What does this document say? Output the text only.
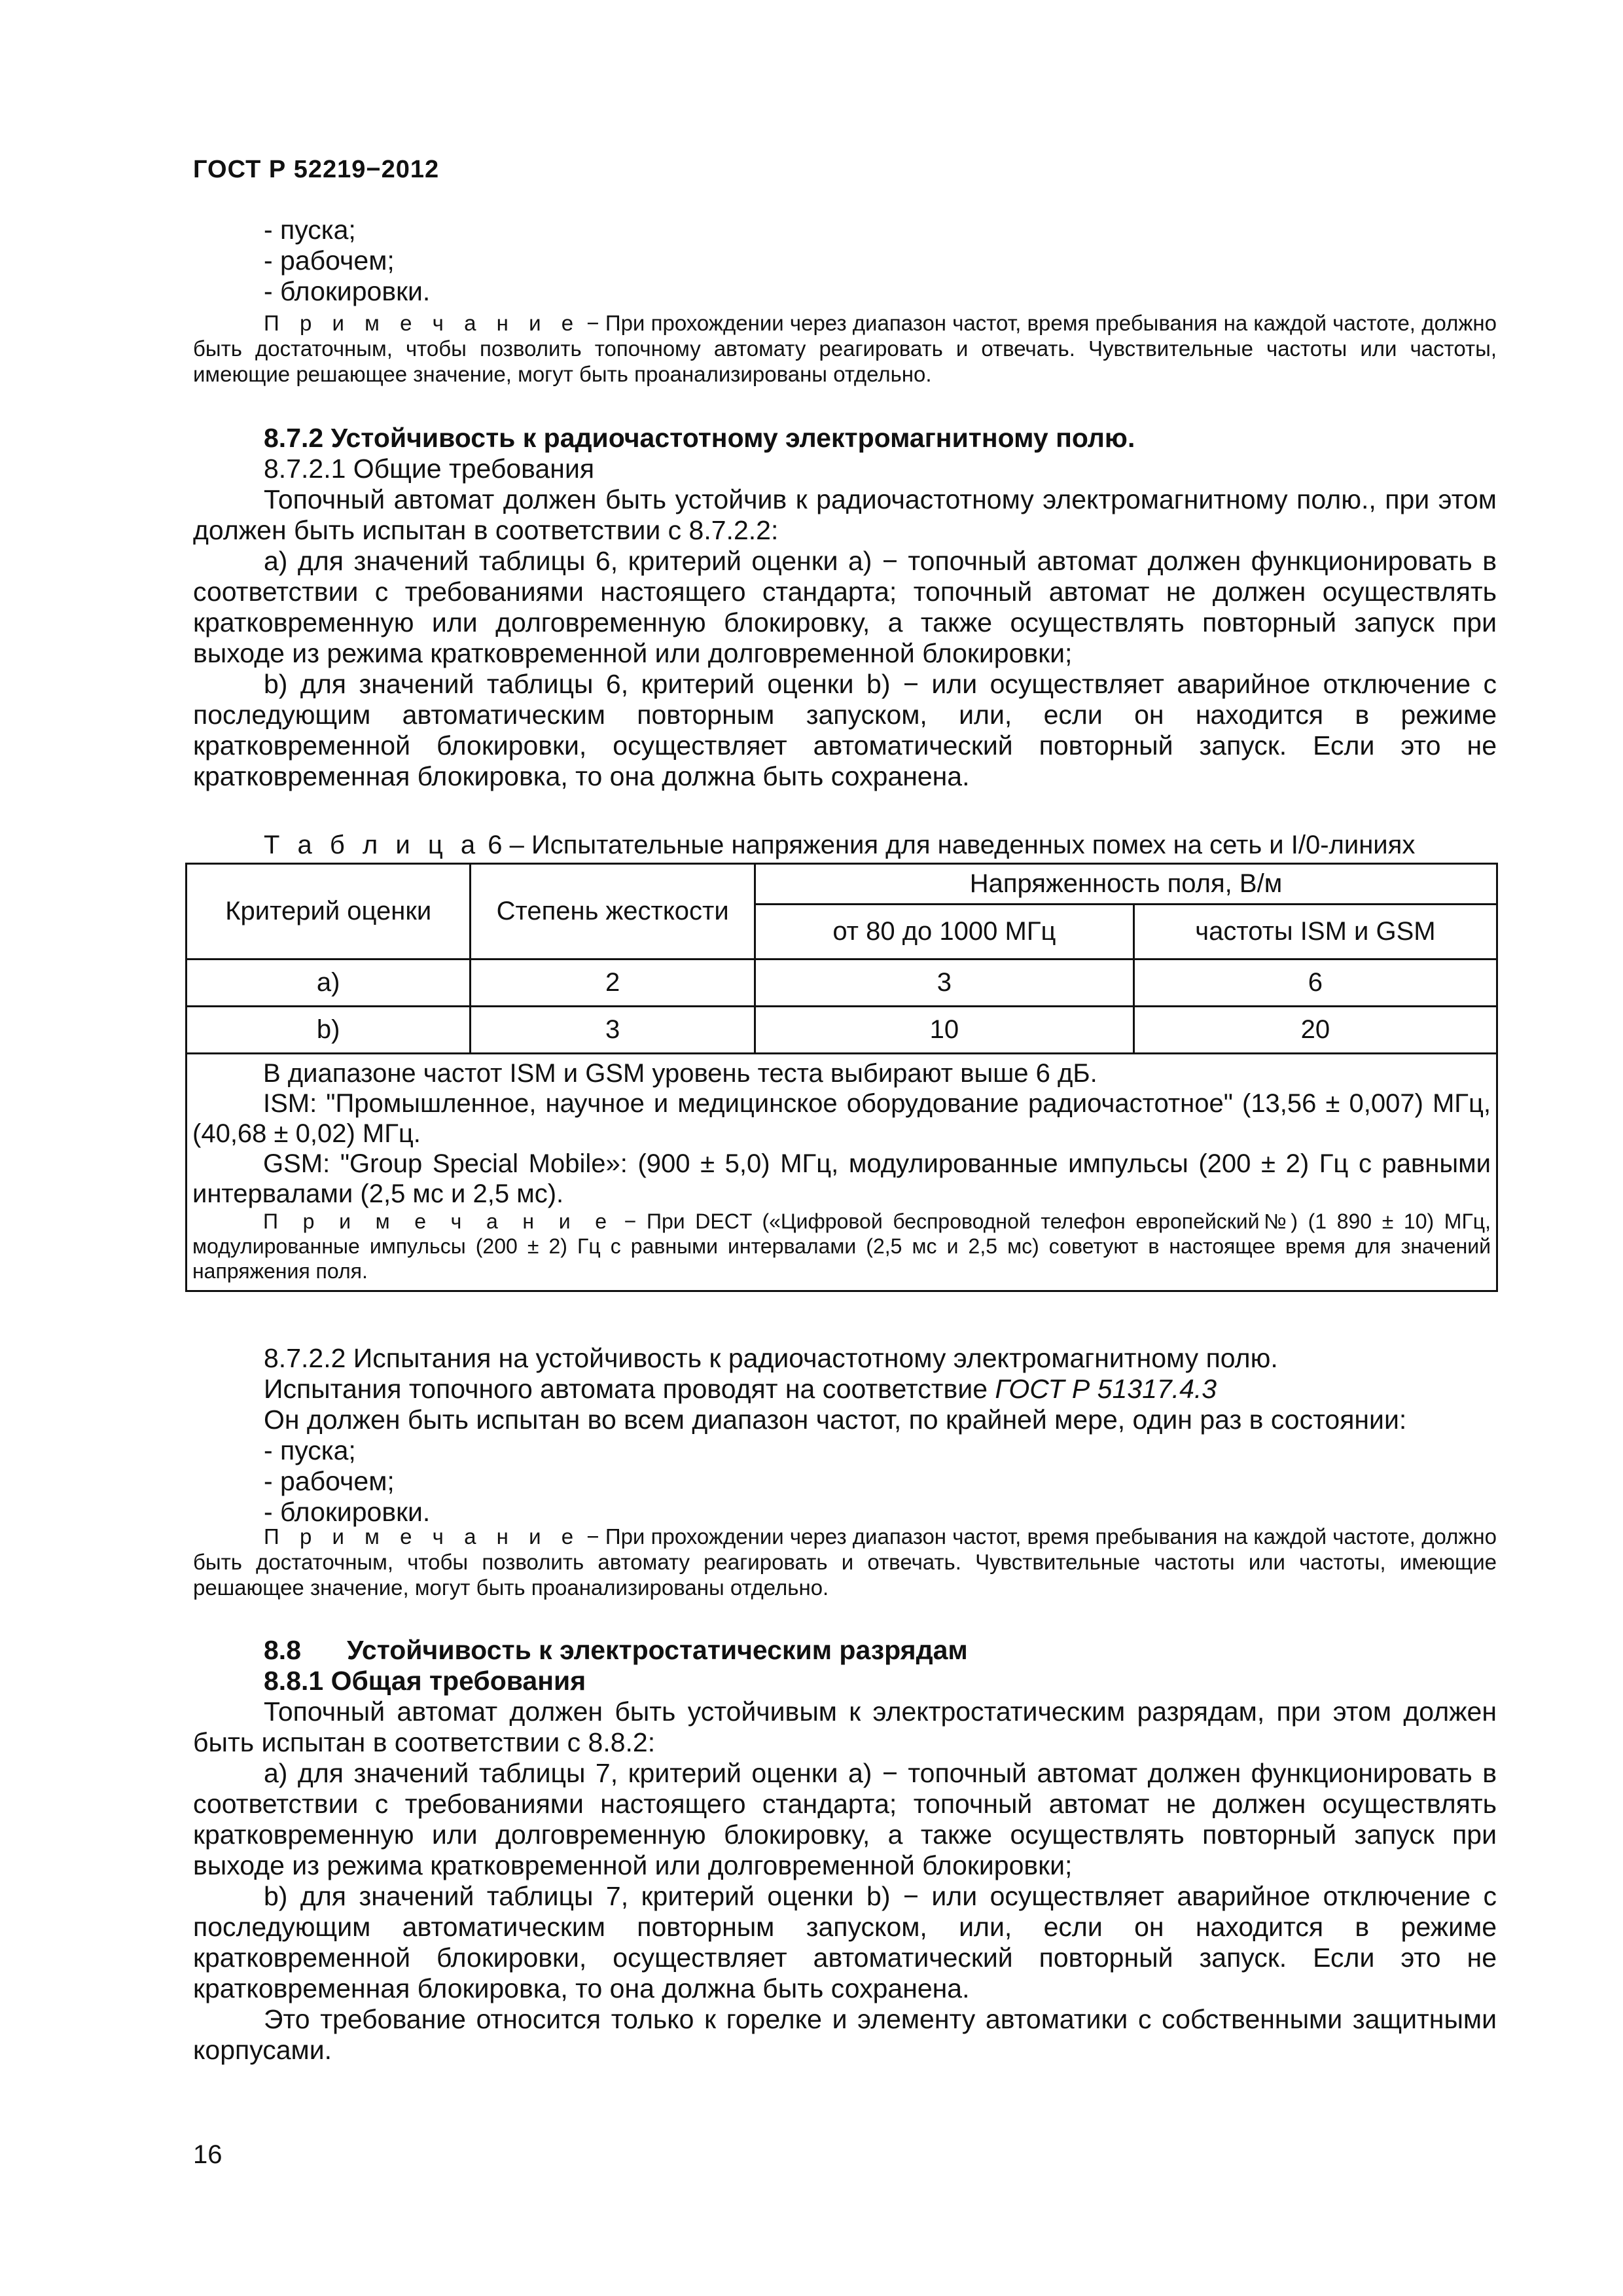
ГОСТ Р 52219−2012

- пуска;

- рабочем;

- блокировки.

П р и м е ч а н и е − При прохождении через диапазон частот, время пребывания на каждой частоте, должно быть достаточным, чтобы позволить топочному автомату реагировать и отвечать. Чувствительные частоты или частоты, имеющие решающее значение, могут быть проанализированы отдельно.

8.7.2 Устойчивость к радиочастотному электромагнитному полю.

8.7.2.1 Общие требования

Топочный автомат должен быть устойчив к радиочастотному электромагнитному полю., при этом должен быть испытан в соответствии с 8.7.2.2:

a) для значений таблицы 6, критерий оценки a) − топочный автомат должен функционировать в соответствии с требованиями настоящего стандарта; топочный автомат не должен осуществлять кратковременную или долговременную блокировку, а также осуществлять повторный запуск при выходе из режима кратковременной или долговременной блокировки;

b) для значений таблицы 6, критерий оценки b) − или осуществляет аварийное отключение с последующим автоматическим повторным запуском, или, если он находится в режиме кратковременной блокировки, осуществляет автоматический повторный запуск. Если это не кратковременная блокировка, то она должна быть сохранена.

Т а б л и ц а 6 – Испытательные напряжения для наведенных помех на сеть и I/0-линиях

Критерий оценки	Степень жесткости	Напряженность поля, В/м	
		от 80 до 1000 МГц	частоты ISM и GSM
a)	2	3	6
b)	3	10	20

В диапазоне частот ISM и GSM уровень теста выбирают выше 6 дБ.

ISM: "Промышленное, научное и медицинское оборудование радиочастотное" (13,56 ± 0,007) МГц, (40,68 ± 0,02) МГц.

GSM: "Group Special Mobile»: (900 ± 5,0) МГц, модулированные импульсы (200 ± 2) Гц с равными интервалами (2,5 мс и 2,5 мс).

П р и м е ч а н и е − При DECT («Цифровой беспроводной телефон европейский№) (1 890 ± 10) МГц, модулированные импульсы (200 ± 2) Гц с равными интервалами (2,5 мс и 2,5 мс) советуют в настоящее время для значений напряжения поля.			

8.7.2.2 Испытания на устойчивость к радиочастотному электромагнитному полю.

Испытания топочного автомата проводят на соответствие ГОСТ Р 51317.4.3

Он должен быть испытан во всем диапазон частот, по крайней мере, один раз в состоянии:

- пуска;

- рабочем;

- блокировки.

П р и м е ч а н и е − При прохождении через диапазон частот, время пребывания на каждой частоте, должно быть достаточным, чтобы позволить автомату реагировать и отвечать. Чувствительные частоты или частоты, имеющие решающее значение, могут быть проанализированы отдельно.

8.8 Устойчивость к электростатическим разрядам

8.8.1 Общая требования

Топочный автомат должен быть устойчивым к электростатическим разрядам, при этом должен быть испытан в соответствии с 8.8.2:

a) для значений таблицы 7, критерий оценки a) − топочный автомат должен функционировать в соответствии с требованиями настоящего стандарта; топочный автомат не должен осуществлять кратковременную или долговременную блокировку, а также осуществлять повторный запуск при выходе из режима кратковременной или долговременной блокировки;

b) для значений таблицы 7, критерий оценки b) − или осуществляет аварийное отключение с последующим автоматическим повторным запуском, или, если он находится в режиме кратковременной блокировки, осуществляет автоматический повторный запуск. Если это не кратковременная блокировка, то она должна быть сохранена.

Это требование относится только к горелке и элементу автоматики с собственными защитными корпусами.

16
